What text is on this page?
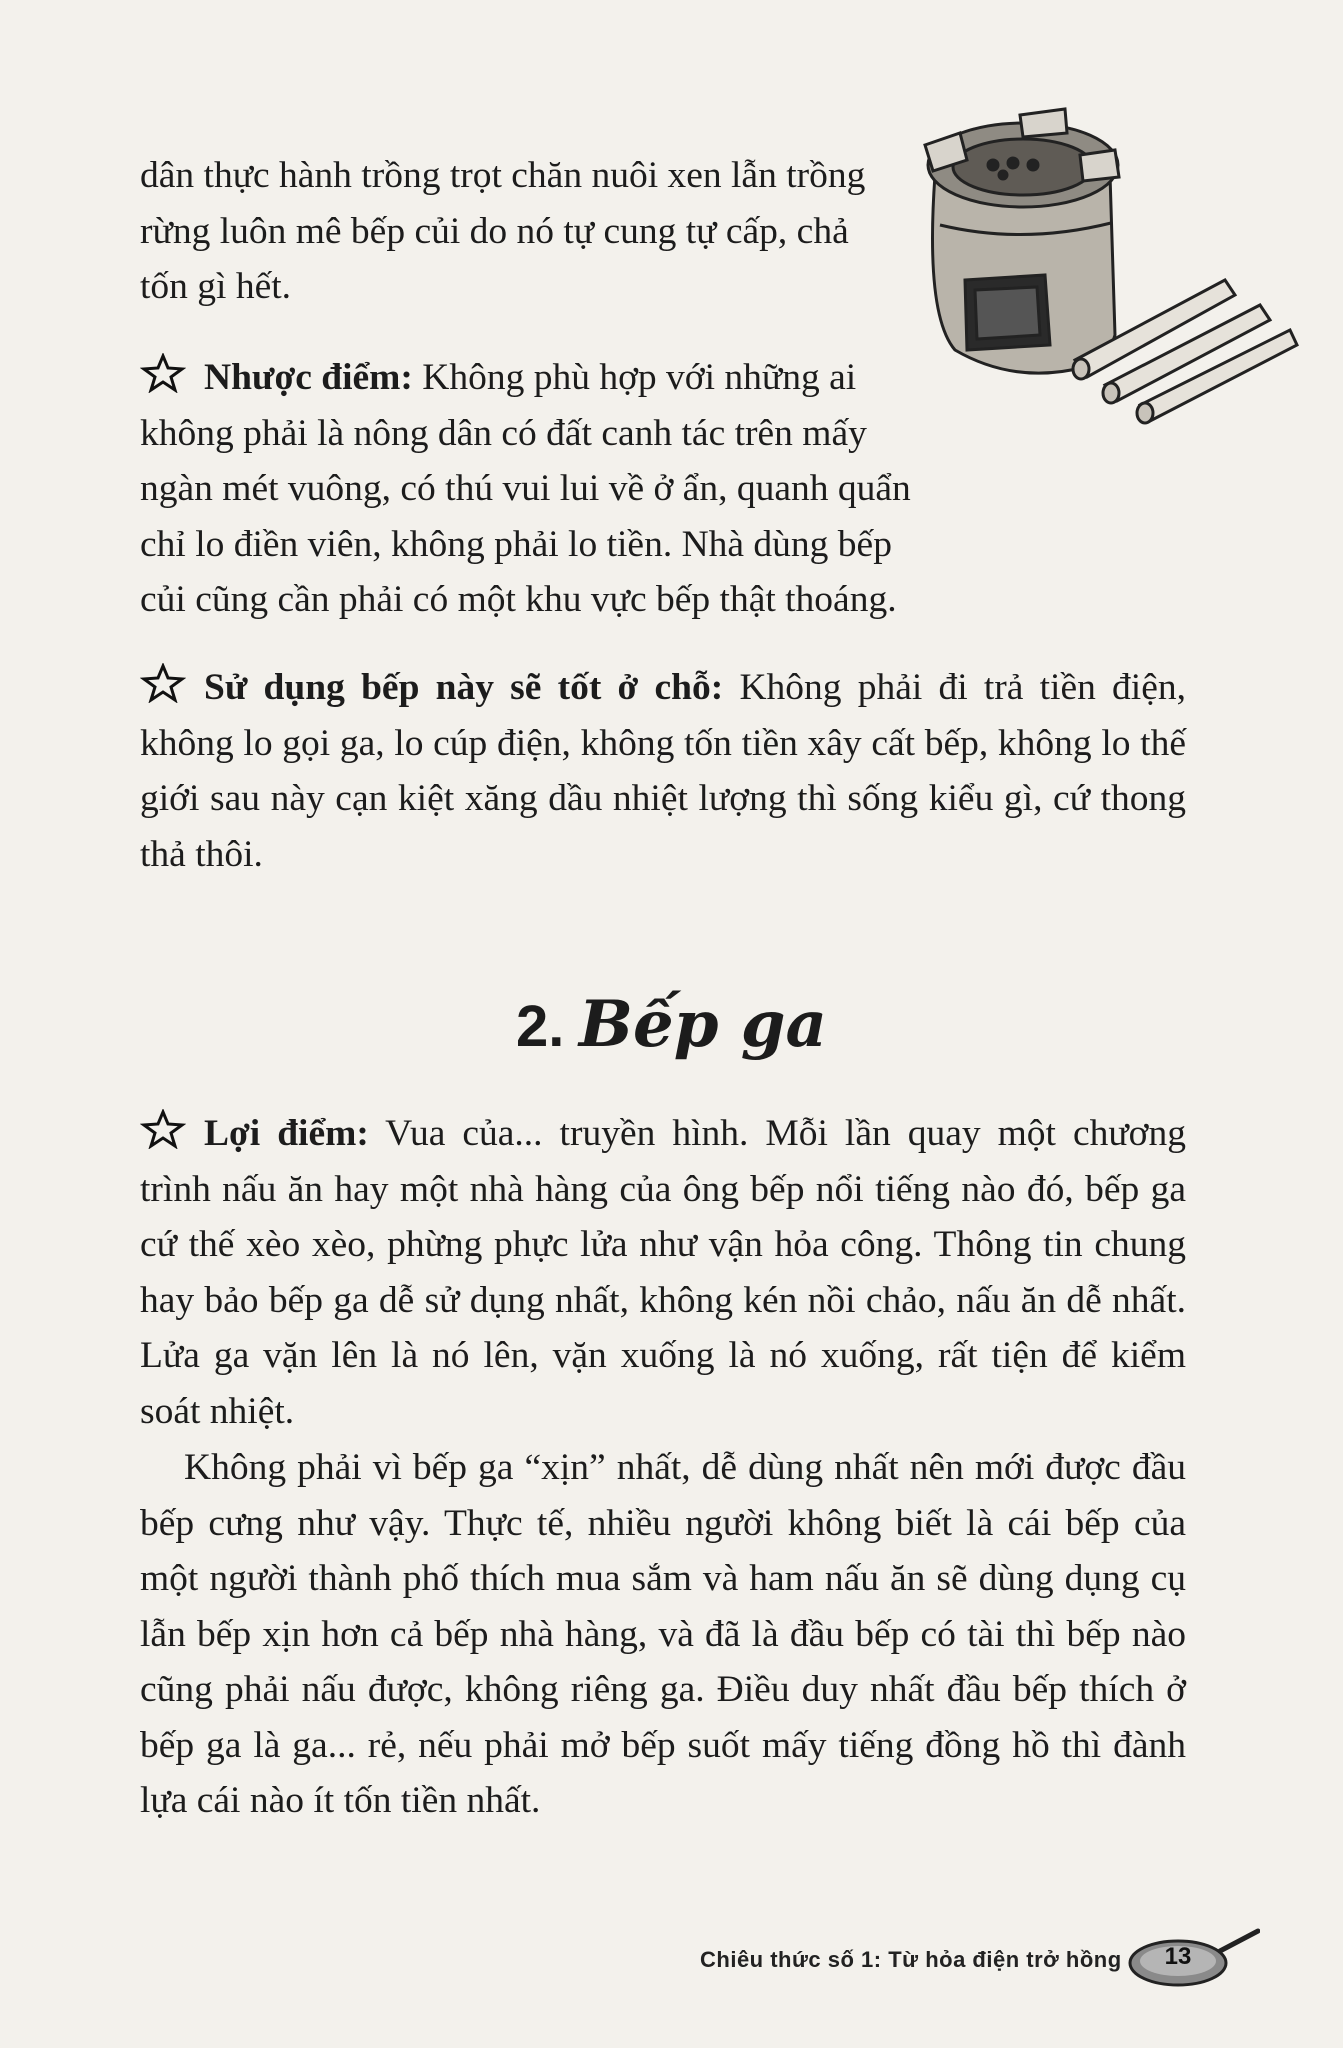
dân thực hành trồng trọt chăn nuôi xen lẫn trồng rừng luôn mê bếp củi do nó tự cung tự cấp, chả tốn gì hết.

Nhược điểm: Không phù hợp với những ai không phải là nông dân có đất canh tác trên mấy ngàn mét vuông, có thú vui lui về ở ẩn, quanh quẩn chỉ lo điền viên, không phải lo tiền. Nhà dùng bếp củi cũng cần phải có một khu vực bếp thật thoáng.

Sử dụng bếp này sẽ tốt ở chỗ: Không phải đi trả tiền điện, không lo gọi ga, lo cúp điện, không tốn tiền xây cất bếp, không lo thế giới sau này cạn kiệt xăng dầu nhiệt lượng thì sống kiểu gì, cứ thong thả thôi.

2. Bếp ga

Lợi điểm: Vua của... truyền hình. Mỗi lần quay một chương trình nấu ăn hay một nhà hàng của ông bếp nổi tiếng nào đó, bếp ga cứ thế xèo xèo, phừng phực lửa như vận hỏa công. Thông tin chung hay bảo bếp ga dễ sử dụng nhất, không kén nồi chảo, nấu ăn dễ nhất. Lửa ga vặn lên là nó lên, vặn xuống là nó xuống, rất tiện để kiểm soát nhiệt.

Không phải vì bếp ga “xịn” nhất, dễ dùng nhất nên mới được đầu bếp cưng như vậy. Thực tế, nhiều người không biết là cái bếp của một người thành phố thích mua sắm và ham nấu ăn sẽ dùng dụng cụ lẫn bếp xịn hơn cả bếp nhà hàng, và đã là đầu bếp có tài thì bếp nào cũng phải nấu được, không riêng ga. Điều duy nhất đầu bếp thích ở bếp ga là ga... rẻ, nếu phải mở bếp suốt mấy tiếng đồng hồ thì đành lựa cái nào ít tốn tiền nhất.

Chiêu thức số 1: Từ hỏa điện trở hồng	13
